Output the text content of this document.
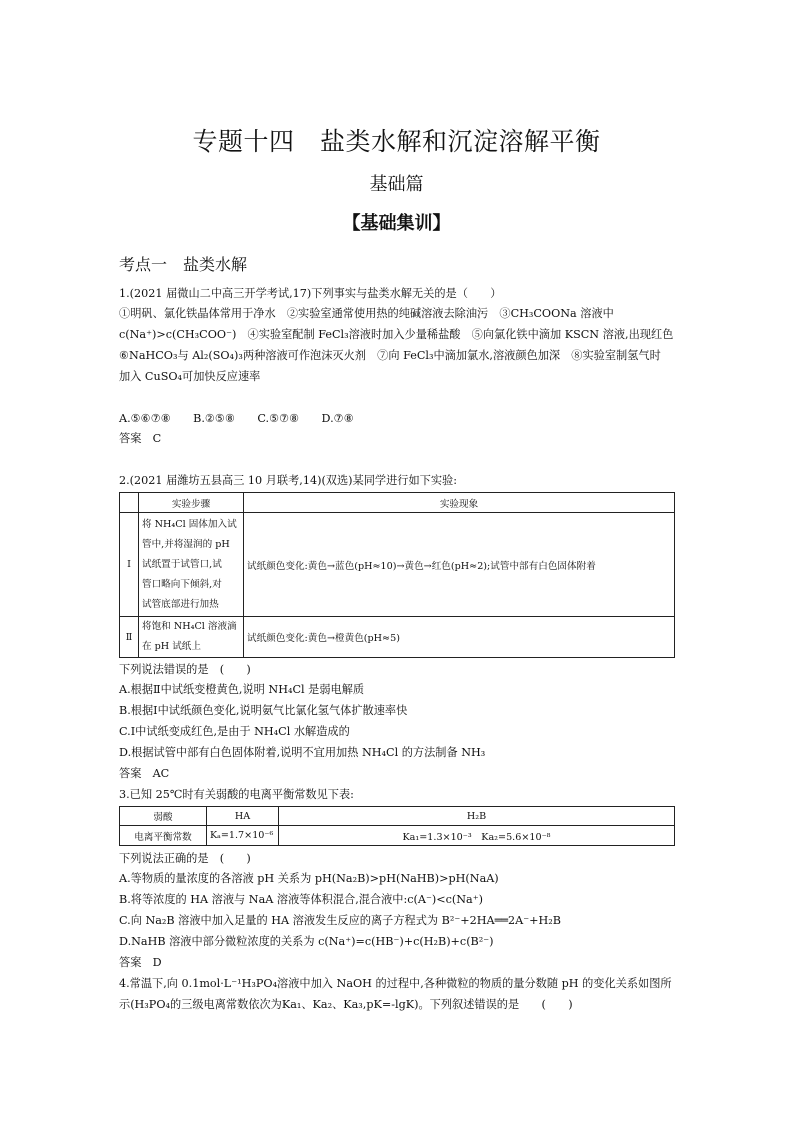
专题十四　盐类水解和沉淀溶解平衡
基础篇
【基础集训】
考点一　盐类水解
1.(2021 届微山二中高三开学考试,17)下列事实与盐类水解无关的是（　　）
①明矾、氯化铁晶体常用于净水　②实验室通常使用热的纯碱溶液去除油污　③CH₃COONa 溶液中
c(Na⁺)>c(CH₃COO⁻)　④实验室配制 FeCl₃溶液时加入少量稀盐酸　⑤向氯化铁中滴加 KSCN 溶液,出现红色
⑥NaHCO₃与 Al₂(SO₄)₃两种溶液可作泡沫灭火剂　⑦向 FeCl₃中滴加氯水,溶液颜色加深　⑧实验室制氢气时
加入 CuSO₄可加快反应速率
A.⑤⑥⑦⑧　　B.②⑤⑧　　C.⑤⑦⑧　　D.⑦⑧
答案　C
2.(2021 届潍坊五县高三 10 月联考,14)(双选)某同学进行如下实验:
	实验步骤	实验现象
Ⅰ	将 NH₄Cl 固体加入试
管中,并将湿润的 pH
试纸置于试管口,试
管口略向下倾斜,对
试管底部进行加热	试纸颜色变化:黄色→蓝色(pH≈10)→黄色→红色(pH≈2);试管中部有白色固体附着
Ⅱ	将饱和 NH₄Cl 溶液滴
在 pH 试纸上	试纸颜色变化:黄色→橙黄色(pH≈5)
下列说法错误的是　(　　)
A.根据Ⅱ中试纸变橙黄色,说明 NH₄Cl 是弱电解质
B.根据Ⅰ中试纸颜色变化,说明氨气比氯化氢气体扩散速率快
C.Ⅰ中试纸变成红色,是由于 NH₄Cl 水解造成的
D.根据试管中部有白色固体附着,说明不宜用加热 NH₄Cl 的方法制备 NH₃
答案　AC
3.已知 25℃时有关弱酸的电离平衡常数见下表:
弱酸	HA	H₂B
电离平衡常数	Kₐ=1.7×10⁻⁶	Ka₁=1.3×10⁻³　Ka₂=5.6×10⁻⁸
下列说法正确的是　(　　)
A.等物质的量浓度的各溶液 pH 关系为 pH(Na₂B)>pH(NaHB)>pH(NaA)
B.将等浓度的 HA 溶液与 NaA 溶液等体积混合,混合液中:c(A⁻)<c(Na⁺)
C.向 Na₂B 溶液中加入足量的 HA 溶液发生反应的离子方程式为 B²⁻+2HA══2A⁻+H₂B
D.NaHB 溶液中部分微粒浓度的关系为 c(Na⁺)=c(HB⁻)+c(H₂B)+c(B²⁻)
答案　D
4.常温下,向 0.1mol·L⁻¹H₃PO₄溶液中加入 NaOH 的过程中,各种微粒的物质的量分数随 pH 的变化关系如图所
示(H₃PO₄的三级电离常数依次为Ka₁、Ka₂、Ka₃,pK=-lgK)。下列叙述错误的是　　(　　)
